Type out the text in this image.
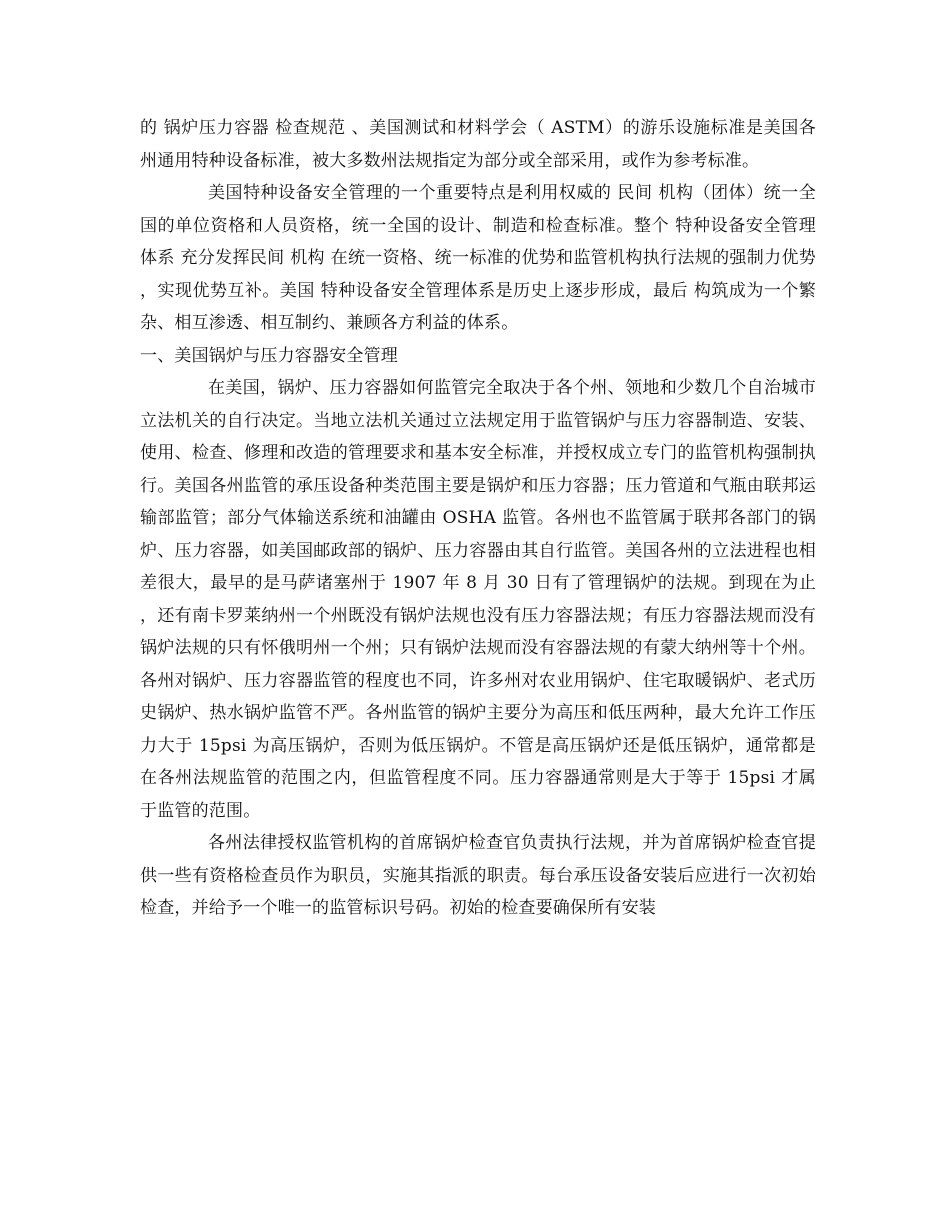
的 锅炉压力容器 检查规范 、美国测试和材料学会（ ASTM）的游乐设施标准是美国各州通用特种设备标准，被大多数州法规指定为部分或全部采用，或作为参考标准。

美国特种设备安全管理的一个重要特点是利用权威的 民间 机构（团体）统一全国的单位资格和人员资格，统一全国的设计、制造和检查标准。整个 特种设备安全管理体系 充分发挥民间 机构 在统一资格、统一标准的优势和监管机构执行法规的强制力优势，实现优势互补。美国 特种设备安全管理体系是历史上逐步形成，最后 构筑成为一个繁杂、相互渗透、相互制约、兼顾各方利益的体系。

一、美国锅炉与压力容器安全管理

在美国，锅炉、压力容器如何监管完全取决于各个州、领地和少数几个自治城市立法机关的自行决定。当地立法机关通过立法规定用于监管锅炉与压力容器制造、安装、使用、检查、修理和改造的管理要求和基本安全标准，并授权成立专门的监管机构强制执行。美国各州监管的承压设备种类范围主要是锅炉和压力容器；压力管道和气瓶由联邦运输部监管；部分气体输送系统和油罐由 OSHA 监管。各州也不监管属于联邦各部门的锅炉、压力容器，如美国邮政部的锅炉、压力容器由其自行监管。美国各州的立法进程也相差很大，最早的是马萨诸塞州于 1907 年 8 月 30 日有了管理锅炉的法规。到现在为止，还有南卡罗莱纳州一个州既没有锅炉法规也没有压力容器法规；有压力容器法规而没有锅炉法规的只有怀俄明州一个州；只有锅炉法规而没有容器法规的有蒙大纳州等十个州。各州对锅炉、压力容器监管的程度也不同，许多州对农业用锅炉、住宅取暖锅炉、老式历史锅炉、热水锅炉监管不严。各州监管的锅炉主要分为高压和低压两种，最大允许工作压力大于 15psi 为高压锅炉，否则为低压锅炉。不管是高压锅炉还是低压锅炉，通常都是在各州法规监管的范围之内，但监管程度不同。压力容器通常则是大于等于 15psi 才属于监管的范围。

各州法律授权监管机构的首席锅炉检查官负责执行法规，并为首席锅炉检查官提供一些有资格检查员作为职员，实施其指派的职责。每台承压设备安装后应进行一次初始检查，并给予一个唯一的监管标识号码。初始的检查要确保所有安装
